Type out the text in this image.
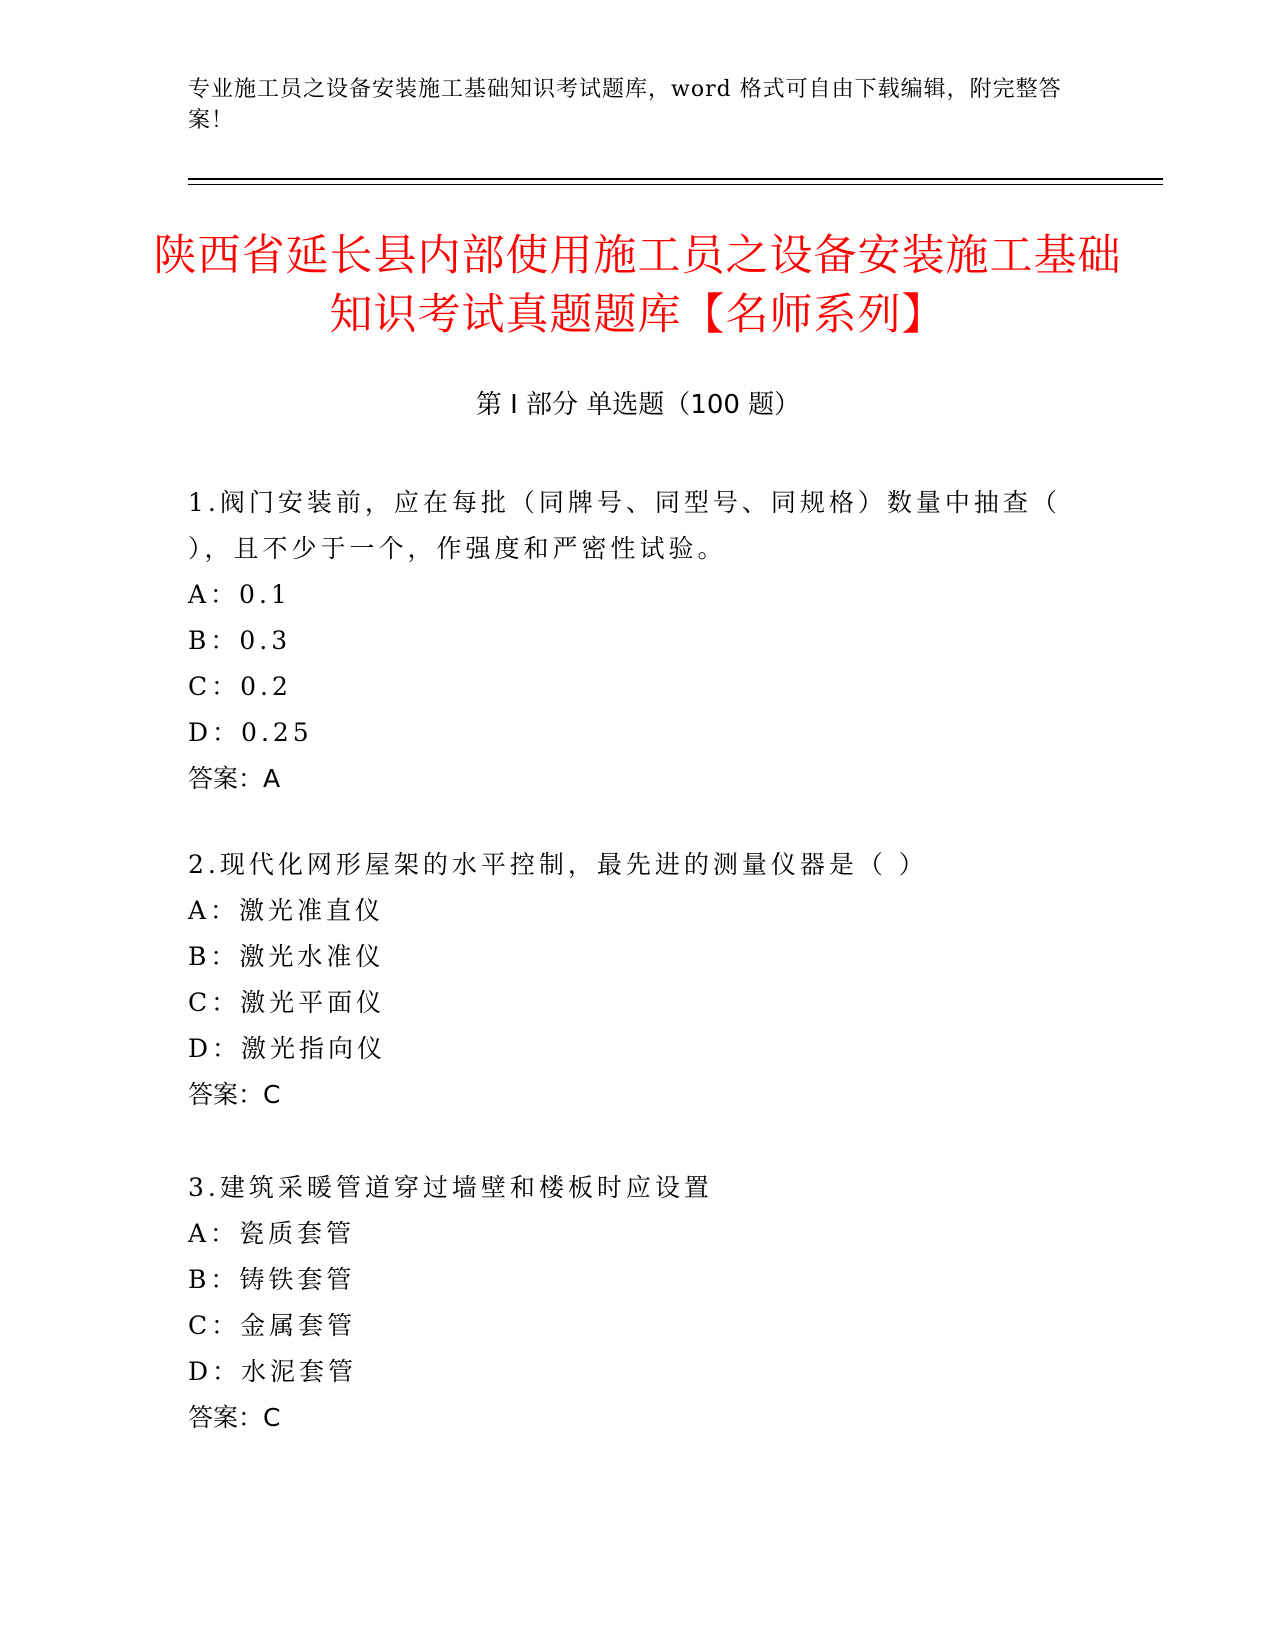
专业施工员之设备安装施工基础知识考试题库，word 格式可自由下载编辑，附完整答案！
陕西省延长县内部使用施工员之设备安装施工基础知识考试真题题库【名师系列】
第 I 部分 单选题（100 题）

1.阀门安装前，应在每批（同牌号、同型号、同规格）数量中抽查（ ），且不少于一个，作强度和严密性试验。

A：0.1

B：0.3

C：0.2

D：0.25

答案：A

2.现代化网形屋架的水平控制，最先进的测量仪器是（ ）

A：激光准直仪

B：激光水准仪

C：激光平面仪

D：激光指向仪

答案：C

3.建筑采暖管道穿过墙壁和楼板时应设置

A：瓷质套管

B：铸铁套管

C：金属套管

D：水泥套管

答案：C
